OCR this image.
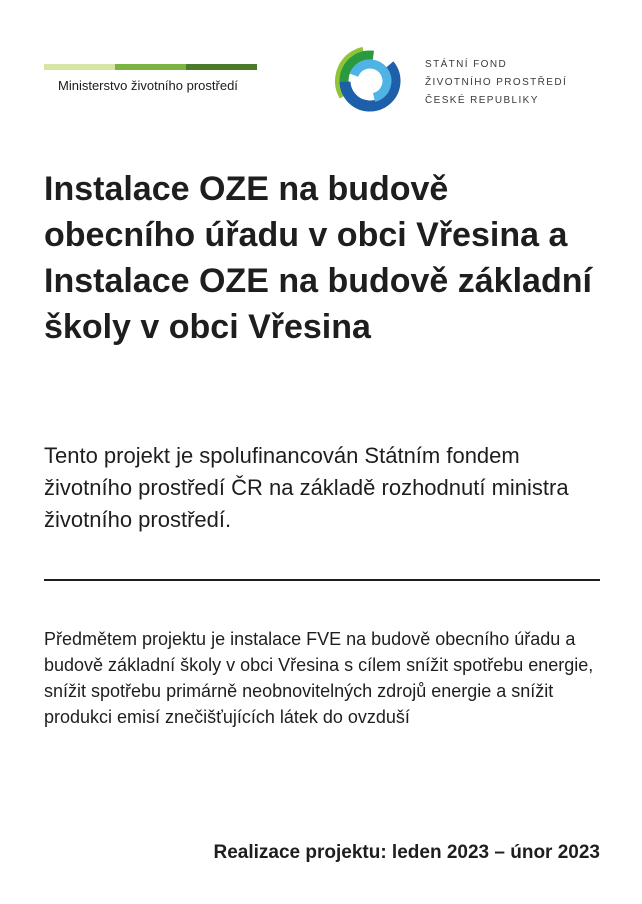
Ministerstvo životního prostředí
STÁTNÍ FOND
ŽIVOTNÍHO PROSTŘEDÍ
ČESKÉ REPUBLIKY
Instalace OZE na budově obecního úřadu v obci Vřesina a Instalace OZE na budově základní školy v obci Vřesina

Tento projekt je spolufinancován Státním fondem životního prostředí ČR na základě rozhodnutí ministra životního prostředí.

Předmětem projektu je instalace FVE na budově obecního úřadu a budově základní školy v obci Vřesina s cílem snížit spotřebu energie, snížit spotřebu primárně neobnovitelných zdrojů energie a snížit produkci emisí znečišťujících látek do ovzduší

Realizace projektu: leden 2023 – únor 2023
